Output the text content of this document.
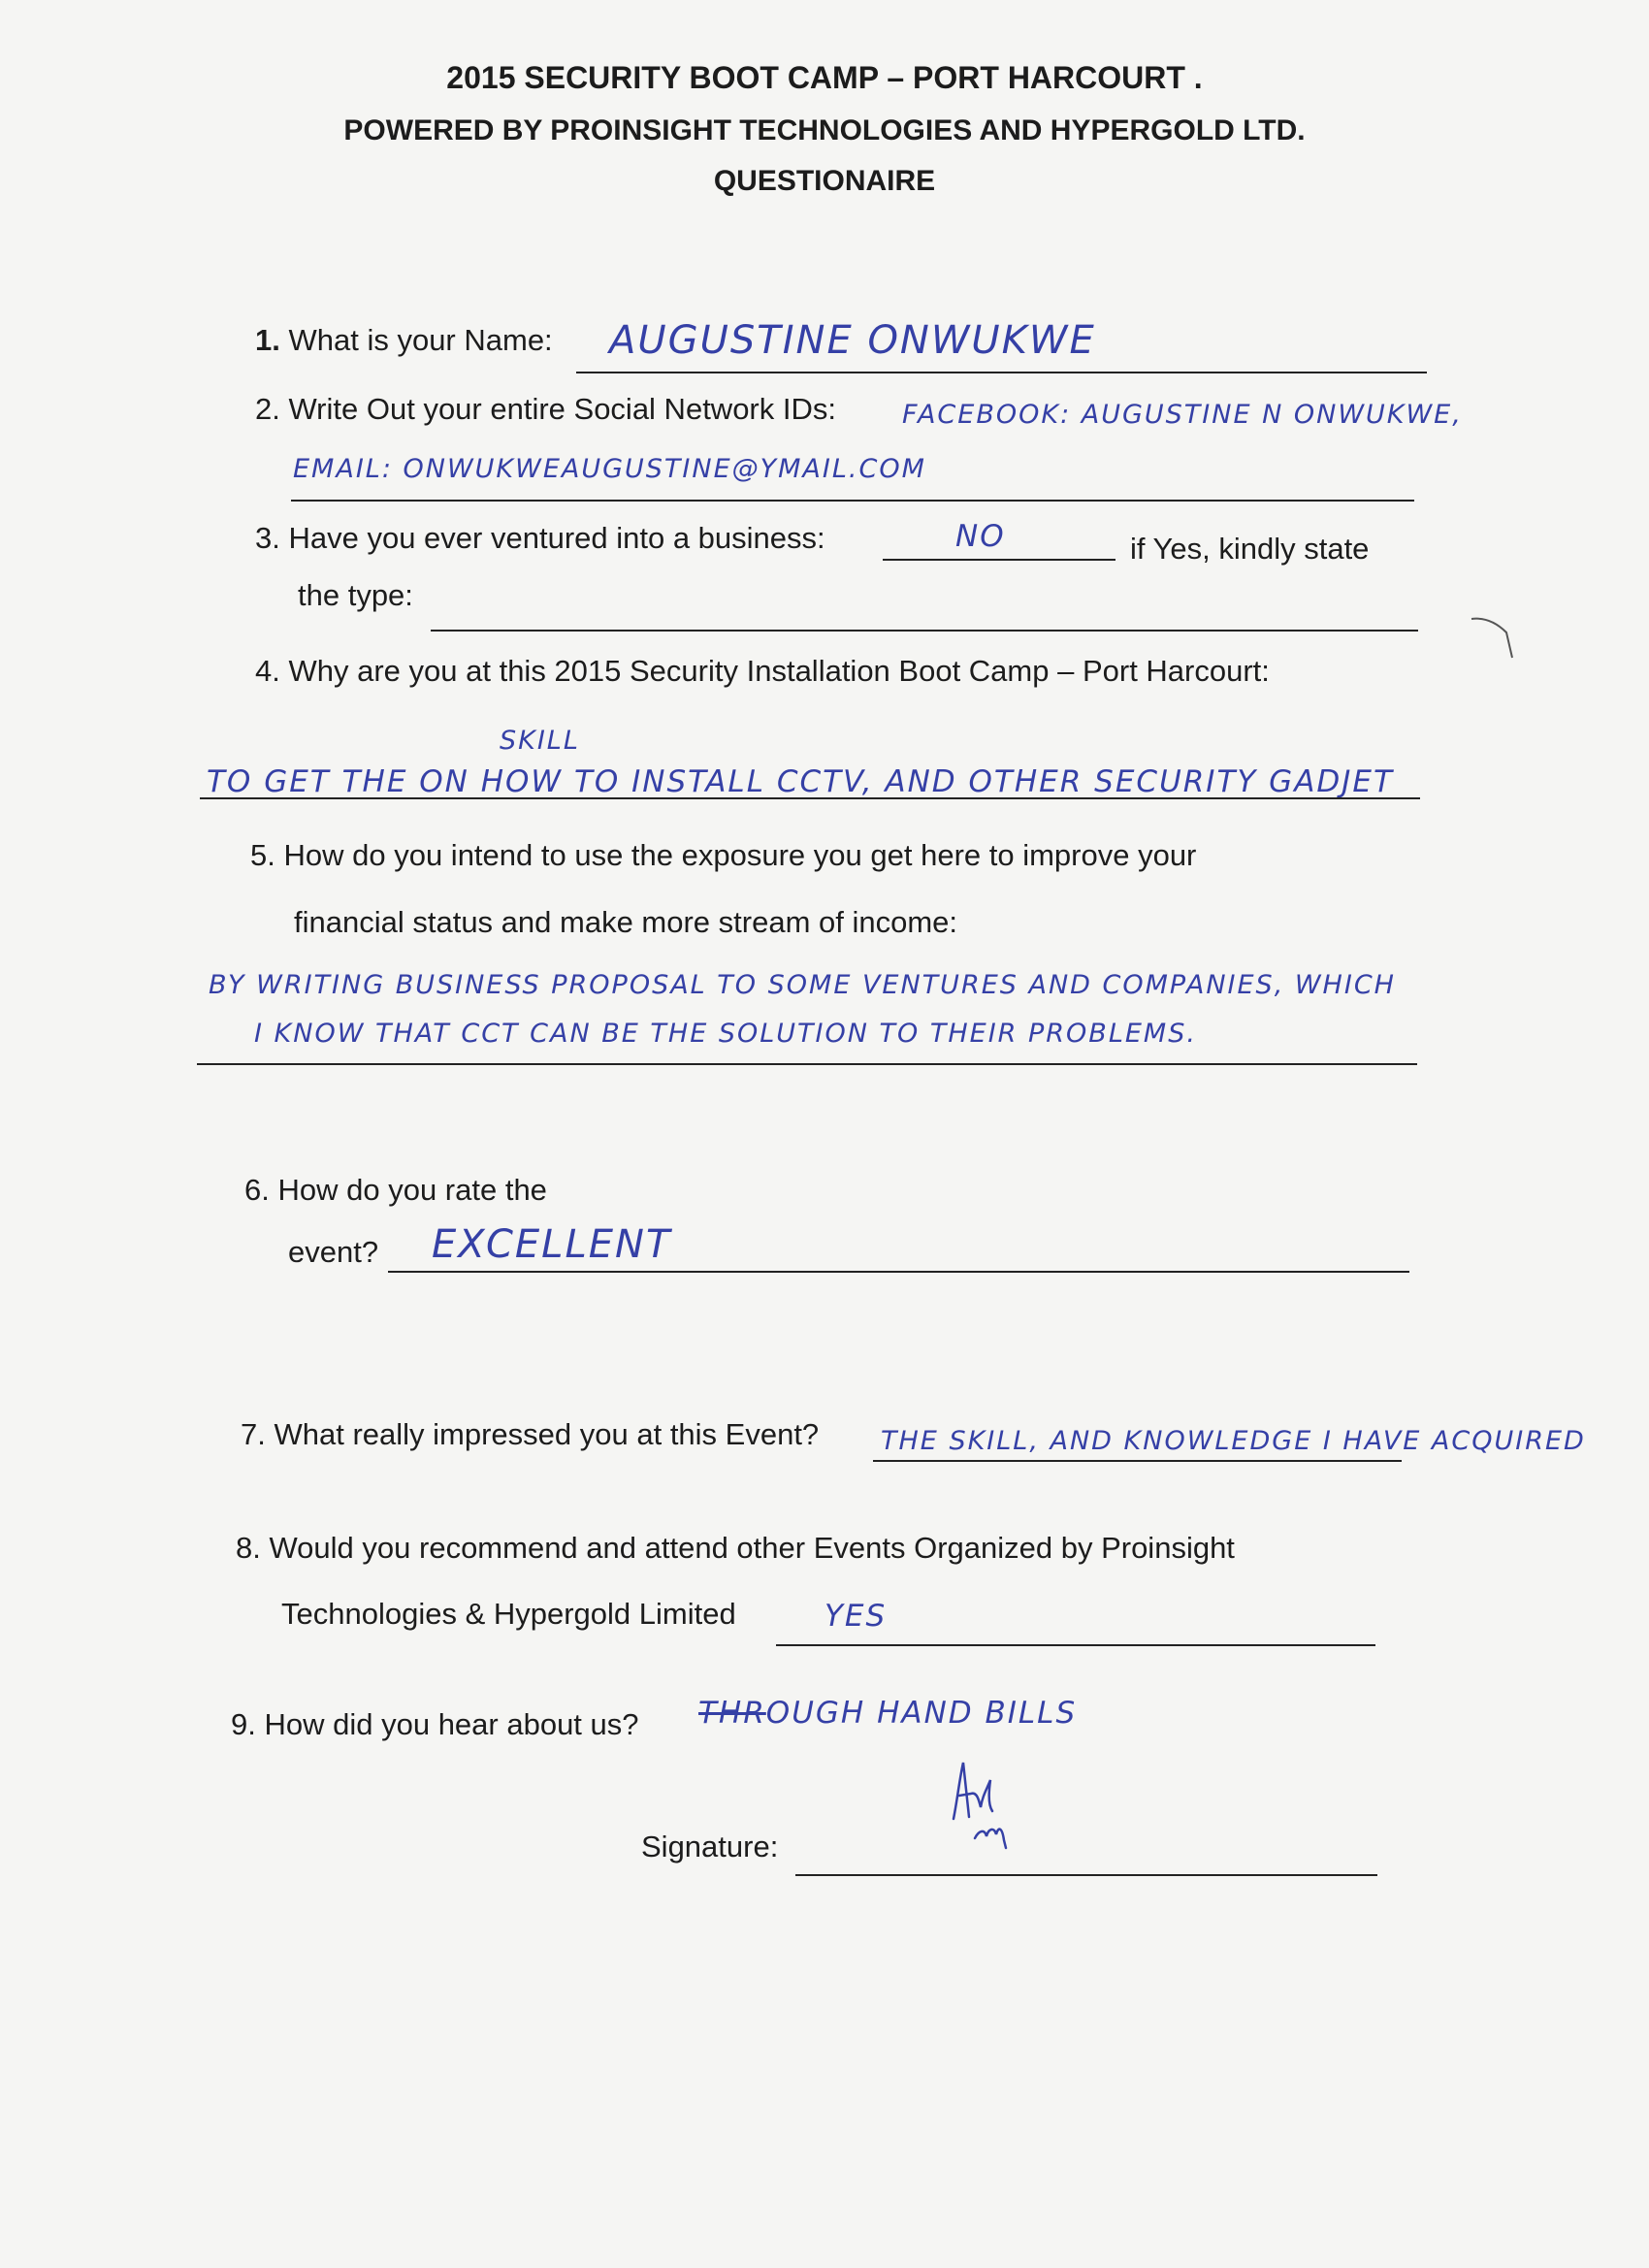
2015 SECURITY BOOT CAMP – PORT HARCOURT .
POWERED BY PROINSIGHT TECHNOLOGIES AND HYPERGOLD LTD.
QUESTIONAIRE
1. What is your Name: AUGUSTINE ONWUKWE
2. Write Out your entire Social Network IDs:	FACEBOOK: AUGUSTINE N ONWUKWE,
EMAIL: ONWUKWEAUGUSTINE@YMAIL.COM
3. Have you ever ventured into a business:	NO	if Yes, kindly state
the type:
4. Why are you at this 2015 Security Installation Boot Camp – Port Harcourt:
SKILL
TO GET THE ON HOW TO INSTALL CCTV, AND OTHER SECURITY GADJET
5. How do you intend to use the exposure you get here to improve your
financial status and make more stream of income:
BY WRITING BUSINESS PROPOSAL TO SOME VENTURES AND COMPANIES, WHICH
I KNOW THAT CCT CAN BE THE SOLUTION TO THEIR PROBLEMS.
6. How do you rate the
event? EXCELLENT
7. What really impressed you at this Event? THE SKILL, AND KNOWLEDGE I HAVE ACQUIRED
8. Would you recommend and attend other Events Organized by Proinsight
Technologies & Hypergold Limited	YES
9. How did you hear about us? THROUGH HAND BILLS
Signature:
